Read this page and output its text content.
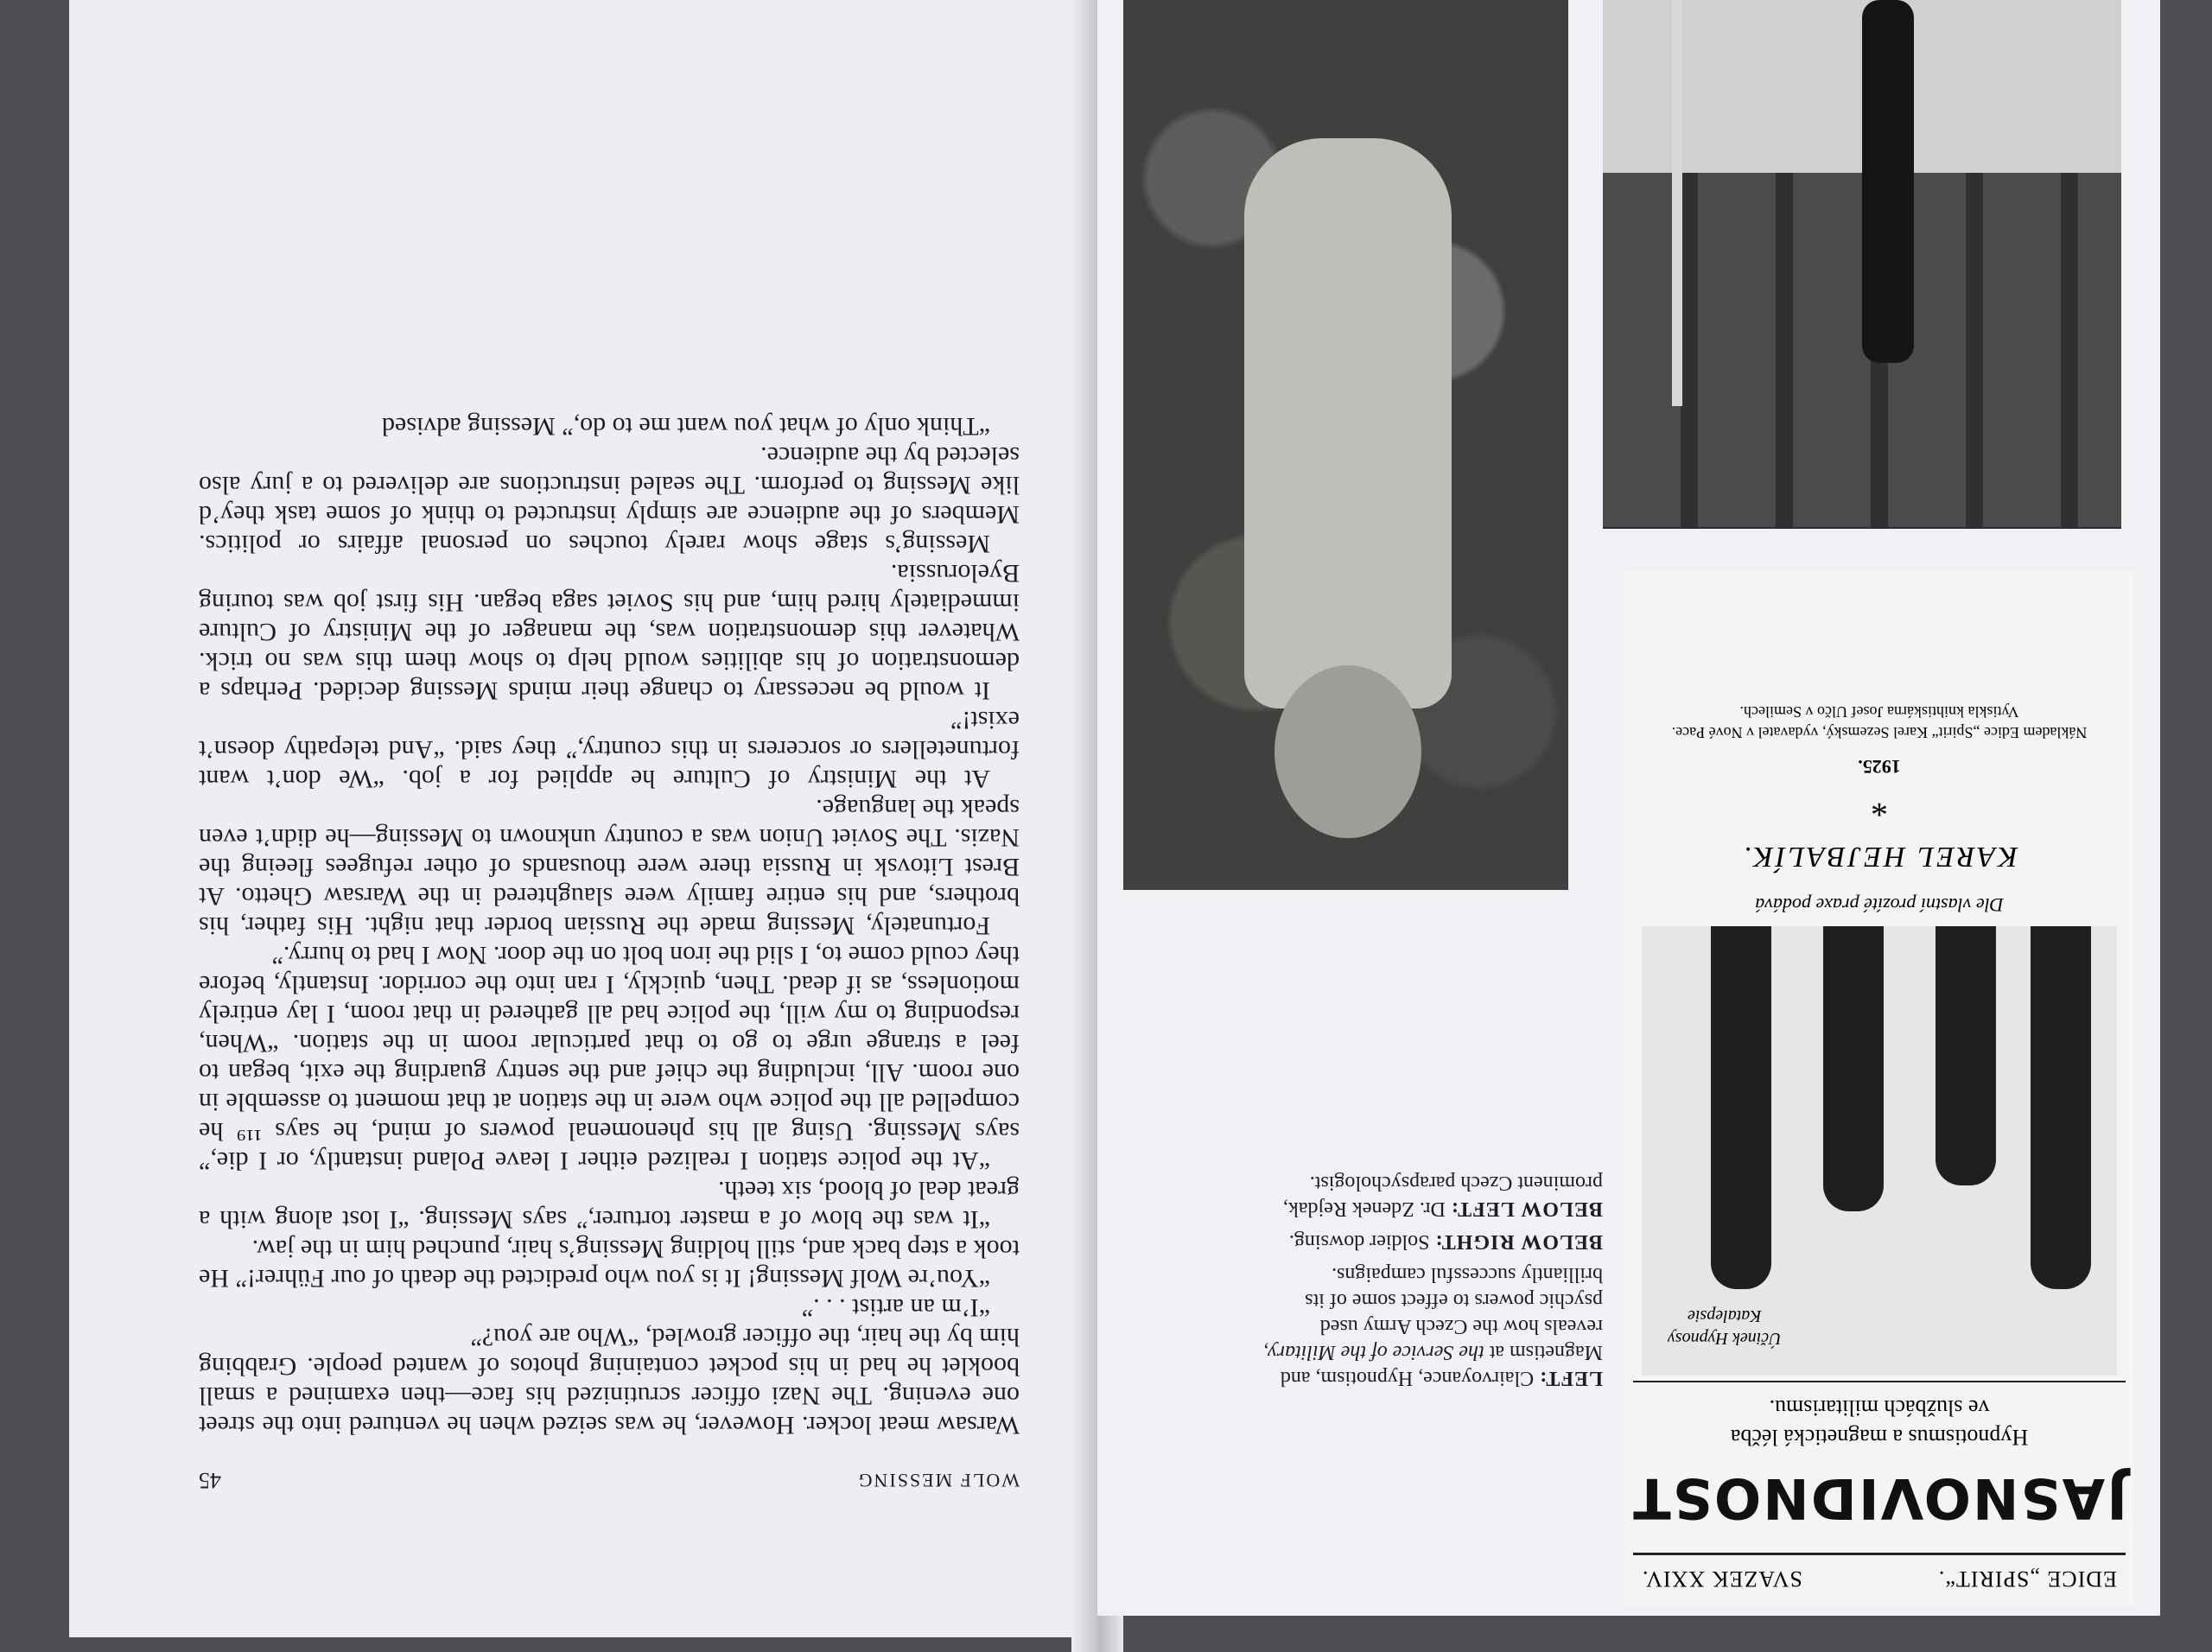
WOLF MESSING
45

Warsaw meat locker. However, he was seized when he ventured into the street one evening. The Nazi officer scrutinized his face—then examined a small booklet he had in his pocket containing photos of wanted people. Grabbing him by the hair, the officer growled, “Who are you?”

“I’m an artist . . .”

“You’re Wolf Messing! It is you who predicted the death of our Führer!” He took a step back and, still holding Messing’s hair, punched him in the jaw.

“It was the blow of a master torturer,” says Messing. “I lost along with a great deal of blood, six teeth.

“At the police station I realized either I leave Poland instantly, or I die,” says Messing. Using all his phenomenal powers of mind, he says ¹¹⁹ he compelled all the police who were in the station at that moment to assemble in one room. All, including the chief and the sentry guarding the exit, began to feel a strange urge to go to that particular room in the station. “When, responding to my will, the police had all gathered in that room, I lay entirely motionless, as if dead. Then, quickly, I ran into the corridor. Instantly, before they could come to, I slid the iron bolt on the door. Now I had to hurry.”

Fortunately, Messing made the Russian border that night. His father, his brothers, and his entire family were slaughtered in the Warsaw Ghetto. At Brest Litovsk in Russia there were thousands of other refugees fleeing the Nazis. The Soviet Union was a country unknown to Messing—he didn’t even speak the language.

At the Ministry of Culture he applied for a job. “We don’t want fortunetellers or sorcerers in this country,” they said. “And telepathy doesn’t exist!”

It would be necessary to change their minds Messing decided. Perhaps a demonstration of his abilities would help to show them this was no trick. Whatever this demonstration was, the manager of the Ministry of Culture immediately hired him, and his Soviet saga began. His first job was touring Byelorussia.

Messing’s stage show rarely touches on personal affairs or politics. Members of the audience are simply instructed to think of some task they’d like Messing to perform. The sealed instructions are delivered to a jury also selected by the audience.

“Think only of what you want me to do,” Messing advised

EDICE „SPIRIT“.
SVAZEK XXIV.
JASNOVIDNOST
Hypnotismus a magnetická léčba
ve službách militarismu.
Účinek Hypnosy
Katalepsie
Dle vlastní prozíté praxe podává
KAREL HEJBALÍK.
*
1925.
Nákladem Edice „Spirit“ Karel Sezemský, vydavatel v Nové Pace.
Vytiskla knihtiskárna Josef Ulčo v Semilech.

LEFT: Clairvoyance, Hypnotism, and Magnetism at the Service of the Military, reveals how the Czech Army used psychic powers to effect some of its brilliantly successful campaigns.

BELOW RIGHT: Soldier dowsing.

BELOW LEFT: Dr. Zdenek Rejdak, prominent Czech parapsychologist.
